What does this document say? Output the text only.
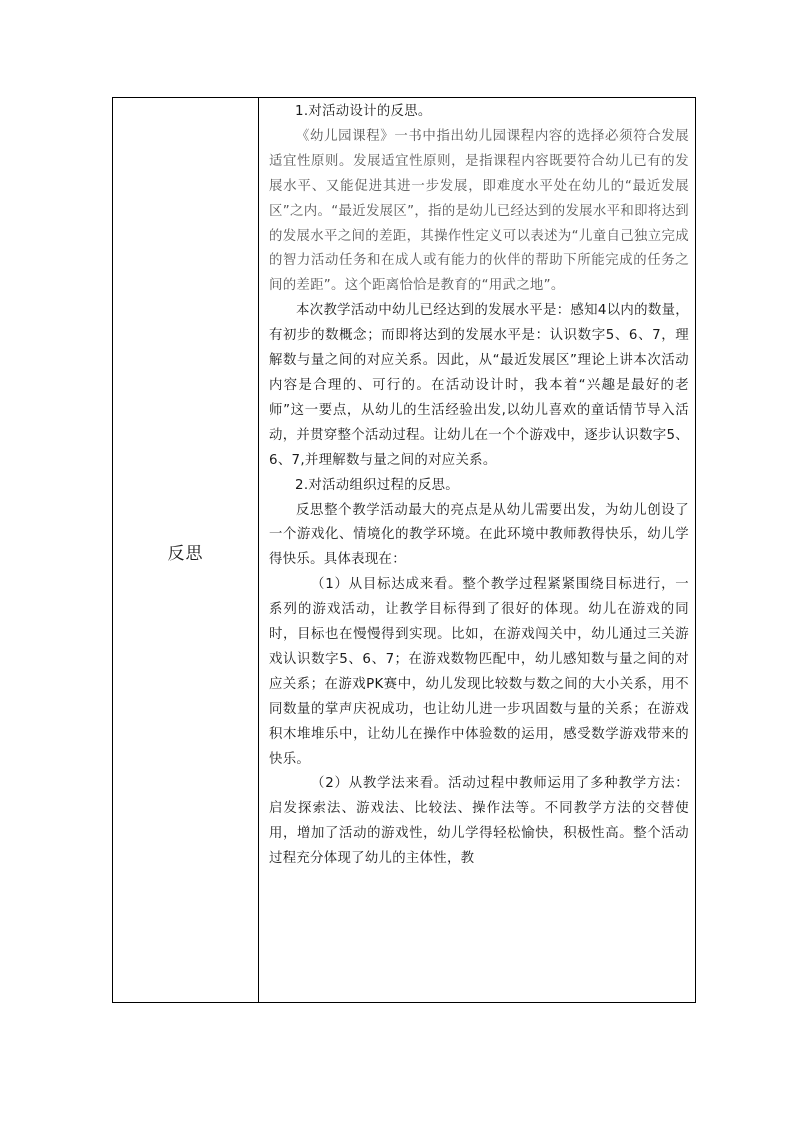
反思	

1.对活动设计的反思。

《幼儿园课程》一书中指出幼儿园课程内容的选择必须符合发展适宜性原则。发展适宜性原则，是指课程内容既要符合幼儿已有的发展水平、又能促进其进一步发展，即难度水平处在幼儿的“最近发展区”之内。“最近发展区”，指的是幼儿已经达到的发展水平和即将达到的发展水平之间的差距，其操作性定义可以表述为“儿童自己独立完成的智力活动任务和在成人或有能力的伙伴的帮助下所能完成的任务之间的差距”。这个距离恰恰是教育的“用武之地”。

本次教学活动中幼儿已经达到的发展水平是：感知4以内的数量，有初步的数概念；而即将达到的发展水平是：认识数字5、6、7，理解数与量之间的对应关系。因此，从“最近发展区”理论上讲本次活动内容是合理的、可行的。在活动设计时，我本着“兴趣是最好的老师”这一要点，从幼儿的生活经验出发,以幼儿喜欢的童话情节导入活动，并贯穿整个活动过程。让幼儿在一个个游戏中，逐步认识数字5、6、7,并理解数与量之间的对应关系。

2.对活动组织过程的反思。

反思整个教学活动最大的亮点是从幼儿需要出发，为幼儿创设了一个游戏化、情境化的教学环境。在此环境中教师教得快乐，幼儿学得快乐。具体表现在：

（1）从目标达成来看。整个教学过程紧紧围绕目标进行，一系列的游戏活动，让教学目标得到了很好的体现。幼儿在游戏的同时，目标也在慢慢得到实现。比如，在游戏闯关中，幼儿通过三关游戏认识数字5、6、7；在游戏数物匹配中，幼儿感知数与量之间的对应关系；在游戏PK赛中，幼儿发现比较数与数之间的大小关系，用不同数量的掌声庆祝成功，也让幼儿进一步巩固数与量的关系；在游戏积木堆堆乐中，让幼儿在操作中体验数的运用，感受数学游戏带来的快乐。

（2）从教学法来看。活动过程中教师运用了多种教学方法：启发探索法、游戏法、比较法、操作法等。不同教学方法的交替使用，增加了活动的游戏性，幼儿学得轻松愉快，积极性高。整个活动过程充分体现了幼儿的主体性，教
